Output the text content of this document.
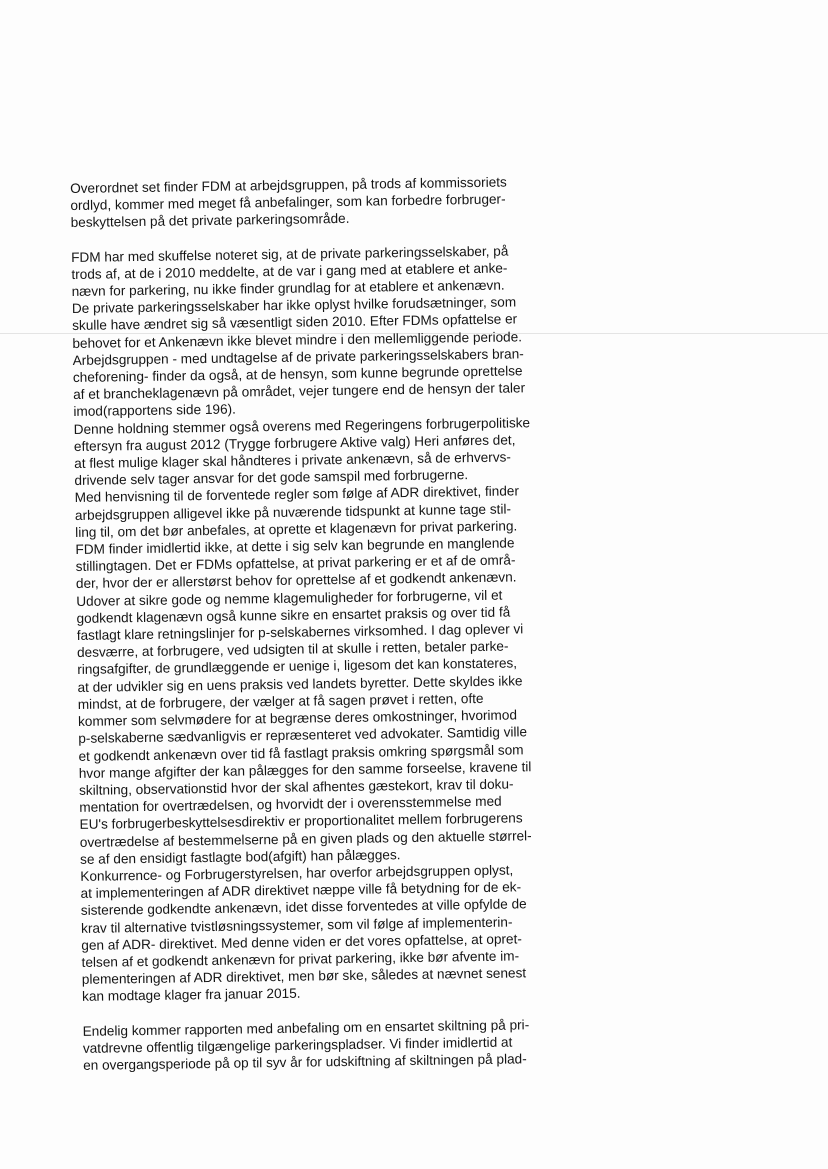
Overordnet set finder FDM at arbejdsgruppen, på trods af kommissoriets
ordlyd, kommer med meget få anbefalinger, som kan forbedre forbruger-
beskyttelsen på det private parkeringsområde.
FDM har med skuffelse noteret sig, at de private parkeringsselskaber, på
trods af, at de i 2010 meddelte, at de var i gang med at etablere et anke-
nævn for parkering, nu ikke finder grundlag for at etablere et ankenævn.
De private parkeringsselskaber har ikke oplyst hvilke forudsætninger, som
skulle have ændret sig så væsentligt siden 2010. Efter FDMs opfattelse er
behovet for et Ankenævn ikke blevet mindre i den mellemliggende periode.
Arbejdsgruppen - med undtagelse af de private parkeringsselskabers bran-
cheforening- finder da også, at de hensyn, som kunne begrunde oprettelse
af et brancheklagenævn på området, vejer tungere end de hensyn der taler
imod(rapportens side 196).
Denne holdning stemmer også overens med Regeringens forbrugerpolitiske
eftersyn fra august 2012 (Trygge forbrugere Aktive valg) Heri anføres det,
at flest mulige klager skal håndteres i private ankenævn, så de erhvervs-
drivende selv tager ansvar for det gode samspil med forbrugerne.
Med henvisning til de forventede regler som følge af ADR direktivet, finder
arbejdsgruppen alligevel ikke på nuværende tidspunkt at kunne tage stil-
ling til, om det bør anbefales, at oprette et klagenævn for privat parkering.
FDM finder imidlertid ikke, at dette i sig selv kan begrunde en manglende
stillingtagen. Det er FDMs opfattelse, at privat parkering er et af de områ-
der, hvor der er allerstørst behov for oprettelse af et godkendt ankenævn.
Udover at sikre gode og nemme klagemuligheder for forbrugerne, vil et
godkendt klagenævn også kunne sikre en ensartet praksis og over tid få
fastlagt klare retningslinjer for p-selskabernes virksomhed. I dag oplever vi
desværre, at forbrugere, ved udsigten til at skulle i retten, betaler parke-
ringsafgifter, de grundlæggende er uenige i, ligesom det kan konstateres,
at der udvikler sig en uens praksis ved landets byretter. Dette skyldes ikke
mindst, at de forbrugere, der vælger at få sagen prøvet i retten, ofte
kommer som selvmødere for at begrænse deres omkostninger, hvorimod
p-selskaberne sædvanligvis er repræsenteret ved advokater. Samtidig ville
et godkendt ankenævn over tid få fastlagt praksis omkring spørgsmål som
hvor mange afgifter der kan pålægges for den samme forseelse, kravene til
skiltning, observationstid hvor der skal afhentes gæstekort, krav til doku-
mentation for overtrædelsen, og hvorvidt der i overensstemmelse med
EU's forbrugerbeskyttelsesdirektiv er proportionalitet mellem forbrugerens
overtrædelse af bestemmelserne på en given plads og den aktuelle størrel-
se af den ensidigt fastlagte bod(afgift) han pålægges.
Konkurrence- og Forbrugerstyrelsen, har overfor arbejdsgruppen oplyst,
at implementeringen af ADR direktivet næppe ville få betydning for de ek-
sisterende godkendte ankenævn, idet disse forventedes at ville opfylde de
krav til alternative tvistløsningssystemer, som vil følge af implementerin-
gen af ADR- direktivet. Med denne viden er det vores opfattelse, at opret-
telsen af et godkendt ankenævn for privat parkering, ikke bør afvente im-
plementeringen af ADR direktivet, men bør ske, således at nævnet senest
kan modtage klager fra januar 2015.
Endelig kommer rapporten med anbefaling om en ensartet skiltning på pri-
vatdrevne offentlig tilgængelige parkeringspladser. Vi finder imidlertid at
en overgangsperiode på op til syv år for udskiftning af skiltningen på plad-
